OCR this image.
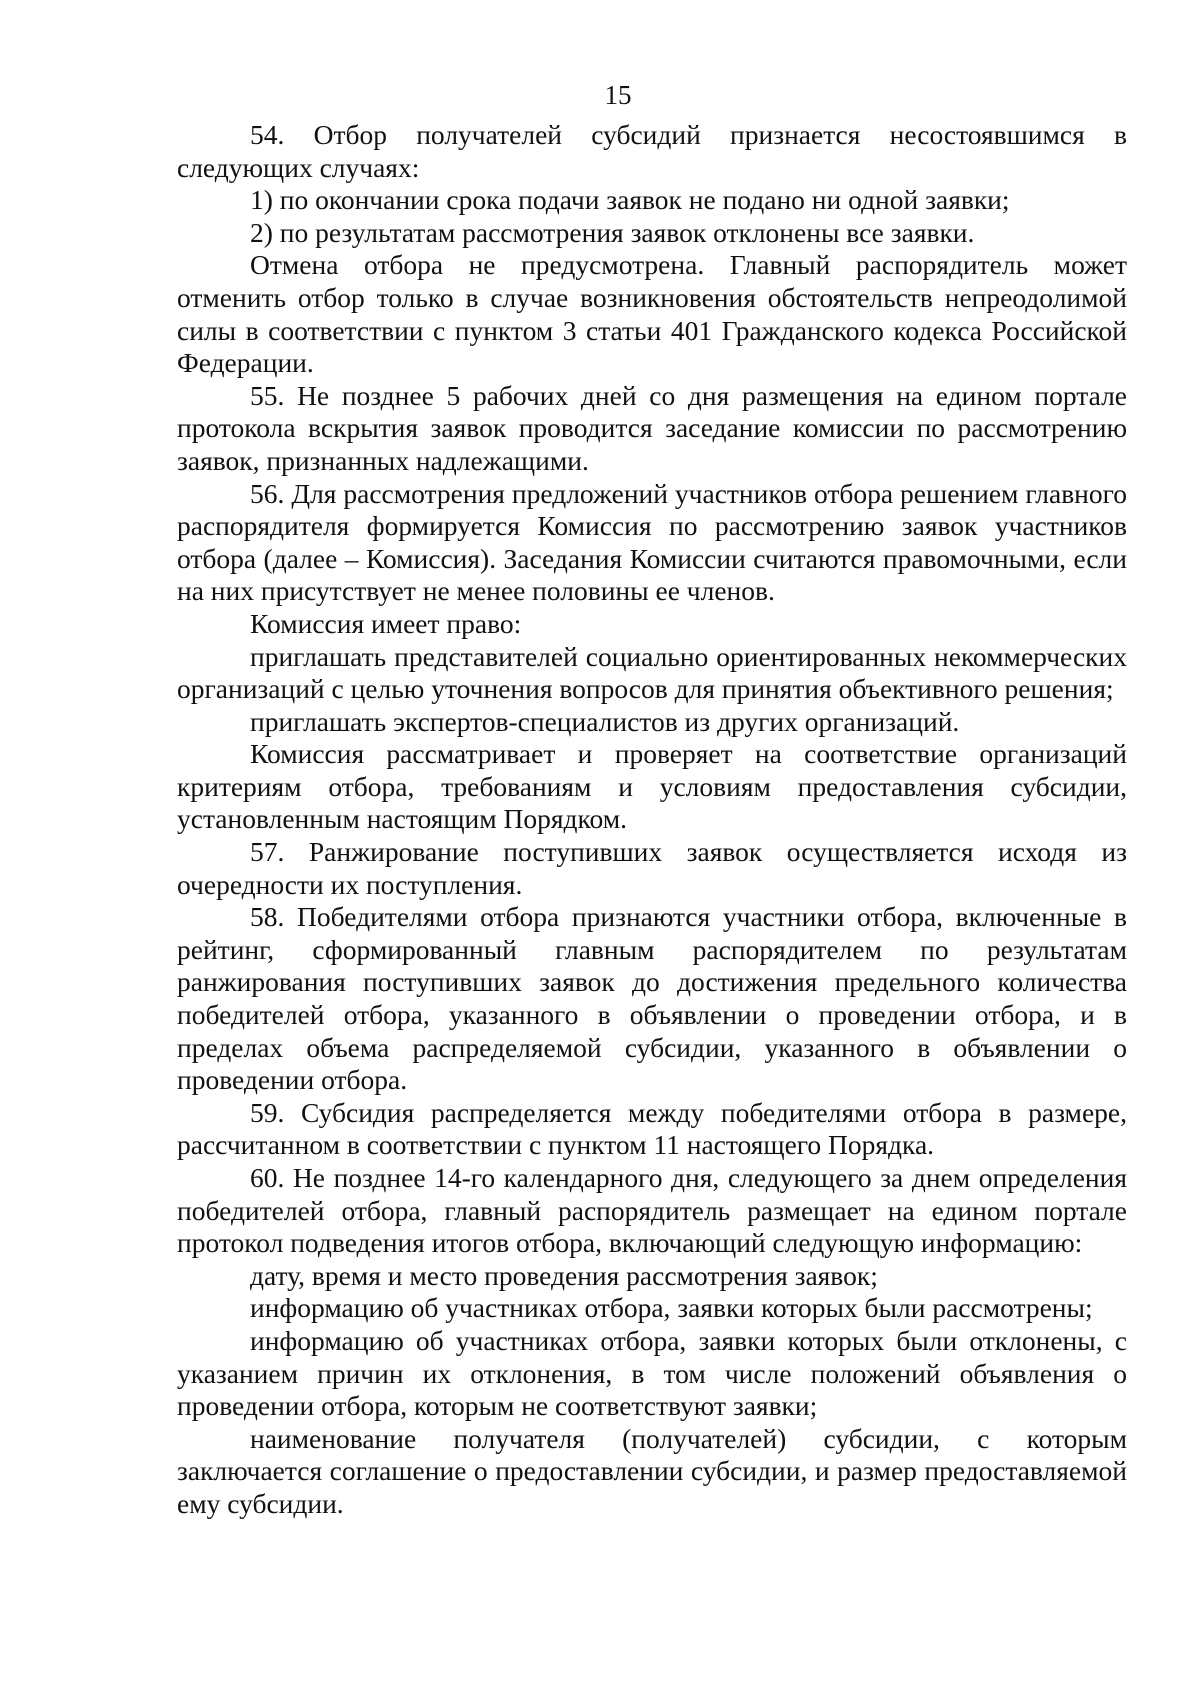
15

54. Отбор получателей субсидий признается несостоявшимся в следующих случаях:

1) по окончании срока подачи заявок не подано ни одной заявки;

2) по результатам рассмотрения заявок отклонены все заявки.

Отмена отбора не предусмотрена. Главный распорядитель может отменить отбор только в случае возникновения обстоятельств непреодолимой силы в соответствии с пунктом 3 статьи 401 Гражданского кодекса Российской Федерации.

55. Не позднее 5 рабочих дней со дня размещения на едином портале протокола вскрытия заявок проводится заседание комиссии по рассмотрению заявок, признанных надлежащими.

56. Для рассмотрения предложений участников отбора решением главного распорядителя формируется Комиссия по рассмотрению заявок участников отбора (далее – Комиссия). Заседания Комиссии считаются правомочными, если на них присутствует не менее половины ее членов.

Комиссия имеет право:

приглашать представителей социально ориентированных некоммерческих организаций с целью уточнения вопросов для принятия объективного решения;

приглашать экспертов-специалистов из других организаций.

Комиссия рассматривает и проверяет на соответствие организаций критериям отбора, требованиям и условиям предоставления субсидии, установленным настоящим Порядком.

57. Ранжирование поступивших заявок осуществляется исходя из очередности их поступления.

58. Победителями отбора признаются участники отбора, включенные в рейтинг, сформированный главным распорядителем по результатам ранжирования поступивших заявок до достижения предельного количества победителей отбора, указанного в объявлении о проведении отбора, и в пределах объема распределяемой субсидии, указанного в объявлении о проведении отбора.

59. Субсидия распределяется между победителями отбора в размере, рассчитанном в соответствии с пунктом 11 настоящего Порядка.

60. Не позднее 14-го календарного дня, следующего за днем определения победителей отбора, главный распорядитель размещает на едином портале протокол подведения итогов отбора, включающий следующую информацию:

дату, время и место проведения рассмотрения заявок;

информацию об участниках отбора, заявки которых были рассмотрены;

информацию об участниках отбора, заявки которых были отклонены, с указанием причин их отклонения, в том числе положений объявления о проведении отбора, которым не соответствуют заявки;

наименование получателя (получателей) субсидии, с которым заключается соглашение о предоставлении субсидии, и размер предоставляемой ему субсидии.
